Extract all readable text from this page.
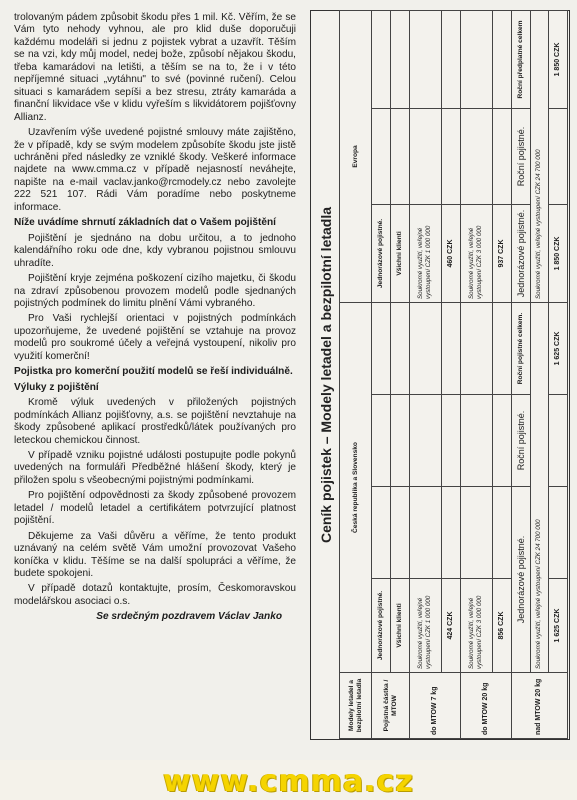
trolovaným pádem způsobit škodu přes 1 mil. Kč. Věřím, že se Vám tyto nehody vyhnou, ale pro klid duše doporučuji každému modeláři si jednu z pojistek vybrat a uzavřít. Těším se na vzi, kdy můj model, nedej bože, způsobí nějakou škodu, třeba kamarádovi na letišti, a těším se na to, že i v této nepříjemné situaci „vytáhnu" to své (povinné ručení). Celou situaci s kamarádem sepíši a bez stresu, ztráty kamaráda a finanční likvidace vše v klidu vyřeším s likvidátorem pojišťovny Allianz.

Uzavřením výše uvedené pojistné smlouvy máte zajištěno, že v případě, kdy se svým modelem způsobíte škodu jste jistě uchráněni před následky ze vzniklé škody. Veškeré informace najdete na www.cmma.cz v případě nejasností neváhejte, napište na e-mail vaclav.janko@rcmodely.cz nebo zavolejte 222 521 107. Rádi Vám poradíme nebo poskytneme informace.

Níže uvádíme shrnutí základních dat o Vašem pojištění

Pojištění je sjednáno na dobu určitou, a to jednoho kalendářního roku ode dne, kdy vybranou pojistnou smlouvu uhradíte.

Pojištění kryje zejména poškození cizího majetku, či škodu na zdraví způsobenou provozem modelů podle sjednaných pojistných podmínek do limitu plnění Vámi vybraného.

Pro Vaši rychlejší orientaci v pojistných podmínkách upozorňujeme, že uvedené pojištění se vztahuje na provoz modelů pro soukromé účely a veřejná vystoupení, nikoliv pro využití komerční!

Pojistka pro komerční použití modelů se řeší individuálně.

Výluky z pojištění

Kromě výluk uvedených v přiložených pojistných podmínkách Allianz pojišťovny, a.s. se pojištění nevztahuje na škody způsobené aplikací prostředků/látek používaných pro leteckou chemickou činnost.

V případě vzniku pojistné události postupujte podle pokynů uvedených na formuláři Předběžné hlášení škody, který je přiložen spolu s všeobecnými pojistnými podmínkami.

Pro pojištění odpovědnosti za škody způsobené provozem letadel / modelů letadel a certifikátem potvrzující platnost pojištění.

Děkujeme za Vaši důvěru a věříme, že tento produkt uznávaný na celém světě Vám umožní provozovat Vašeho koníčka v klidu. Těšíme se na další spolupráci a věříme, že budete spokojeni.

V případě dotazů kontaktujte, prosím, Českomoravskou modelářskou asociaci o.s.

Se srdečným pozdravem Václav Janko

Ceník pojistek – Modely letadel a bezpilotní letadla
Modely letadel a bezpilotní letadla	Česká republika a Slovensko				Evropa		
Pojistná částka / MTOW	Jednorázové pojistné.				Jednorázové pojistné.		
	Všichni klienti				Všichni klienti		
do MTOW 7 kg	Soukromé využití, veřejné vystoupení CZK 1 000 000				Soukromé využití, veřejné vystoupení CZK 1 000 000		
	424 CZK				460 CZK		
do MTOW 20 kg	Soukromé využití, veřejné vystoupení CZK 3 000 000				Soukromé využití, veřejné vystoupení CZK 3 000 000		
	856 CZK				937 CZK		
nad MTOW 20 kg	Jednorázové pojistné.		Roční pojistné.	Roční pojistné celkem.	Jednorázové pojistné.	Roční pojistné.	Roční předplatné celkem
	Soukromé využití, veřejné vystoupení CZK 24 700 000				Soukromé využití, veřejné vystoupení CZK 24 700 000		
	1 625 CZK			1 625 CZK	1 850 CZK		1 850 CZK
www.cmma.cz
